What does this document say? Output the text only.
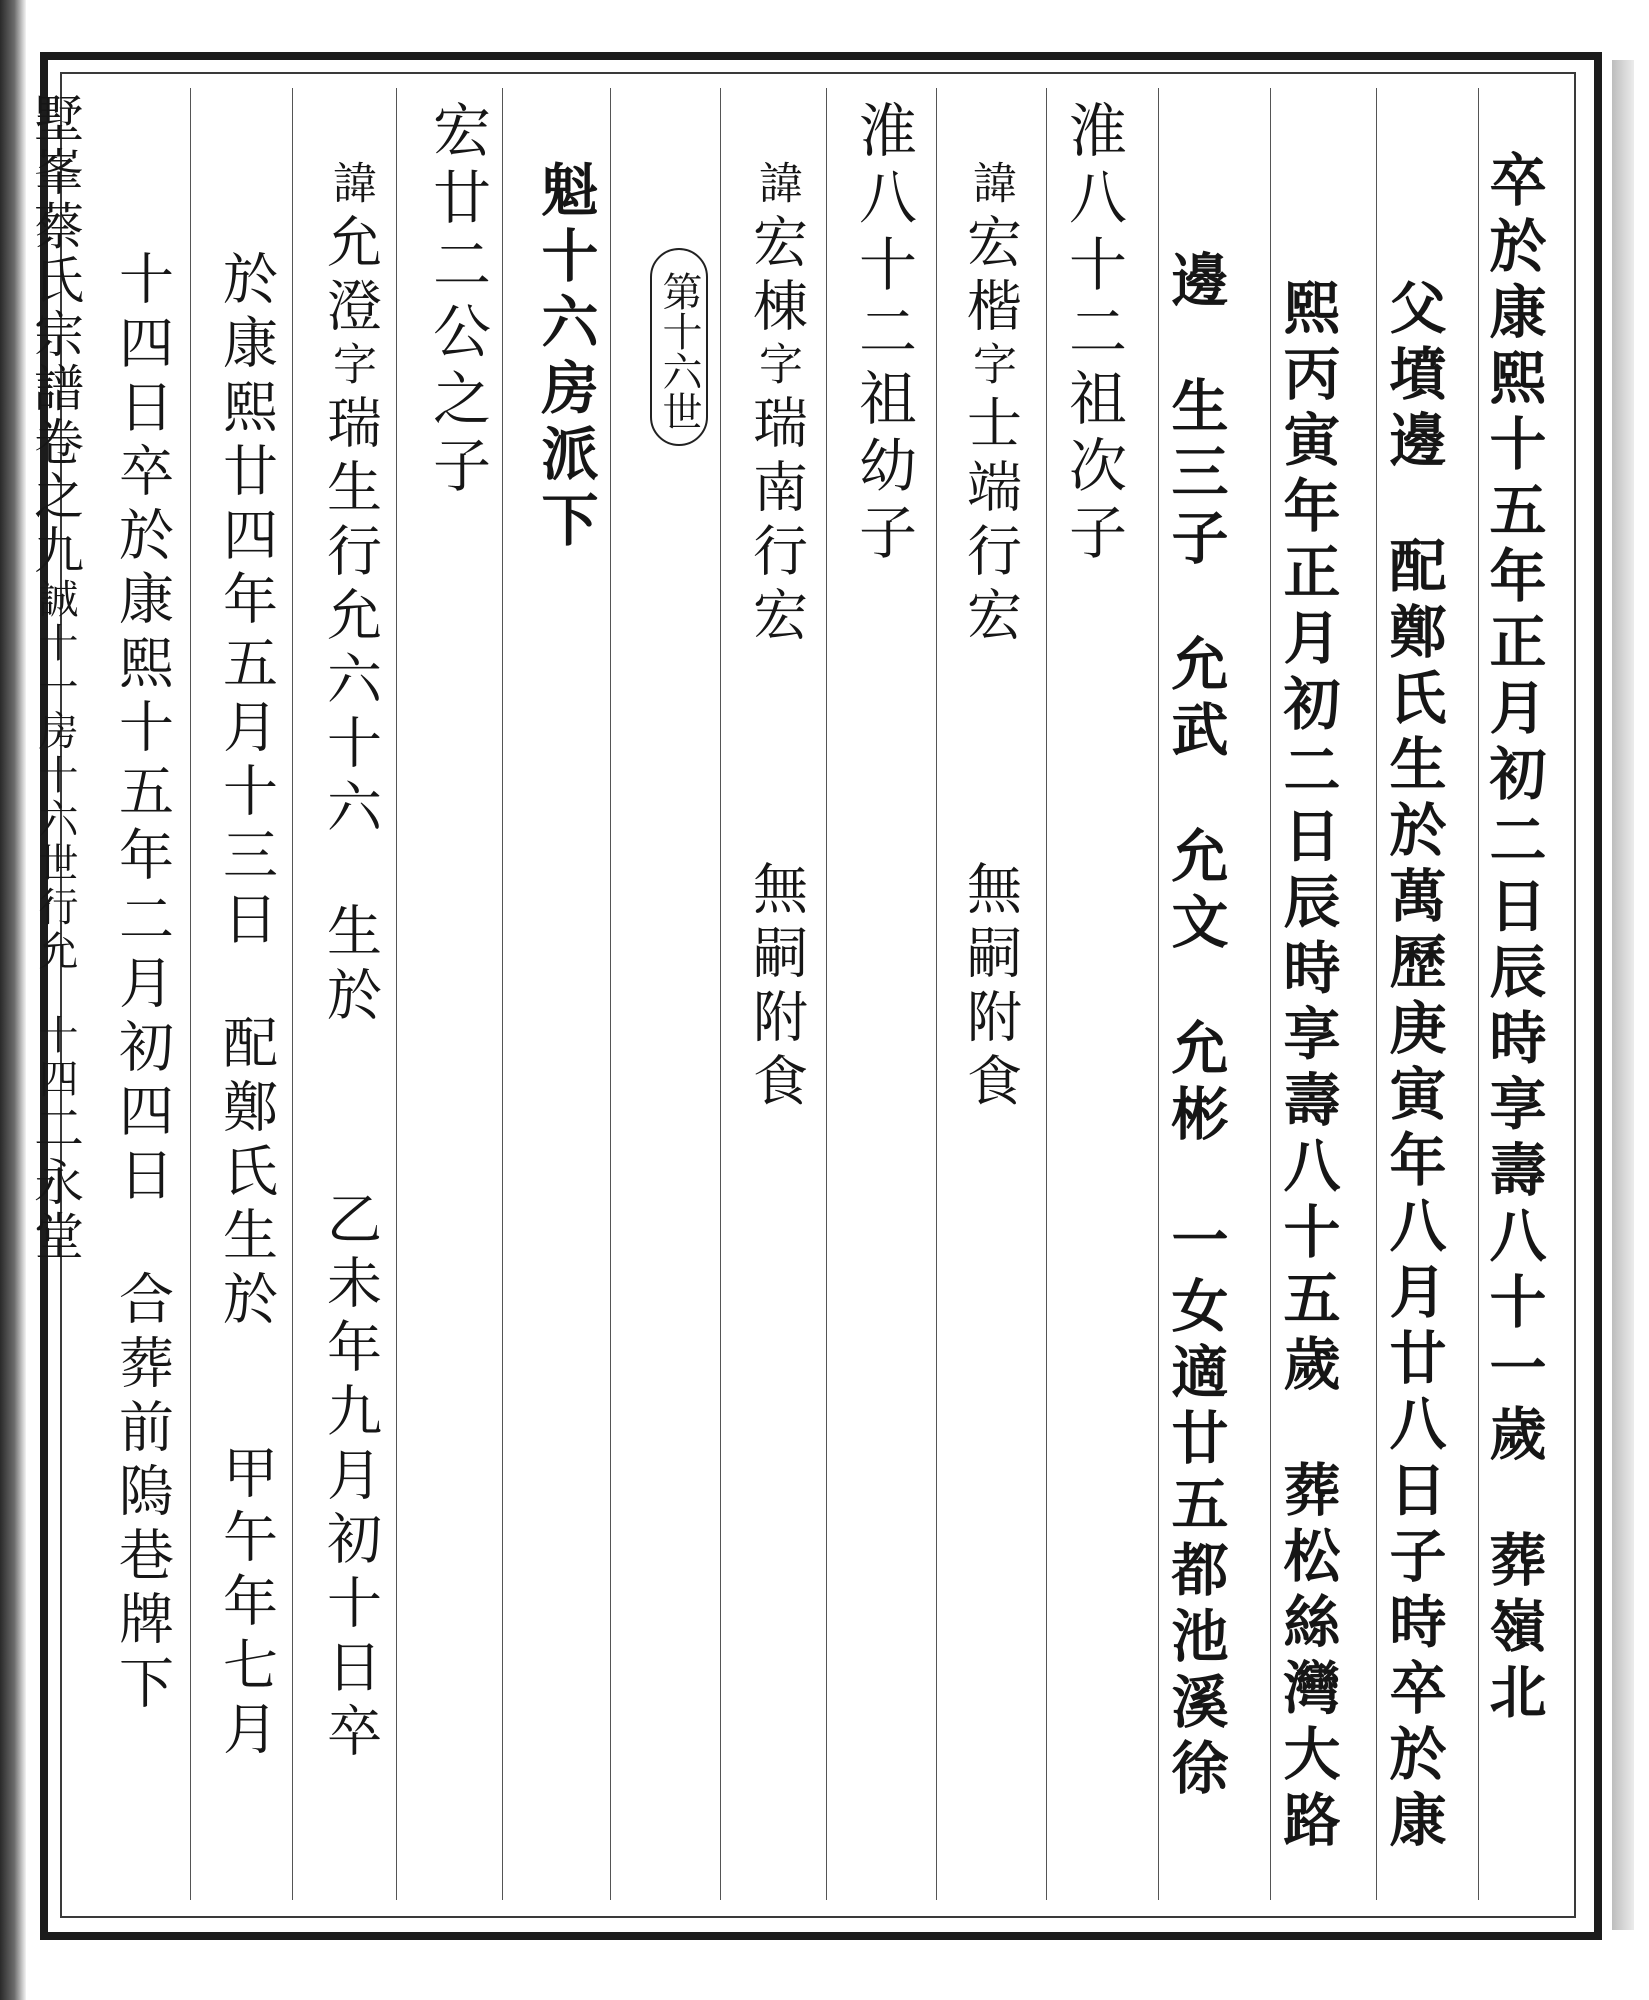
墅峯蔡氏宗譜卷之九誠十一房十六世行允十四二永堂
第十六世	卒於康熙十五年正月初二日辰時享壽八十一歲葬嶺北
父墳邊配鄭氏生於萬歷庚寅年八月廿八日子時卒於康
熙丙寅年正月初二日辰時享壽八十五歲葬松絲灣大路
邊生三子允武允文允彬一女適廿五都池溪徐
淮八十二祖次子
諱宏楷字士端行宏無嗣附食
淮八十二祖幼子
諱宏棟字瑞南行宏無嗣附食
魁十六房派下
宏廿二公之子
諱允澄字瑞生行允六十六生於乙未年九月初十日卒
於康熙廿四年五月十三日配鄭氏生於甲午年七月
十四日卒於康熙十五年二月初四日合葬前隖巷牌下
